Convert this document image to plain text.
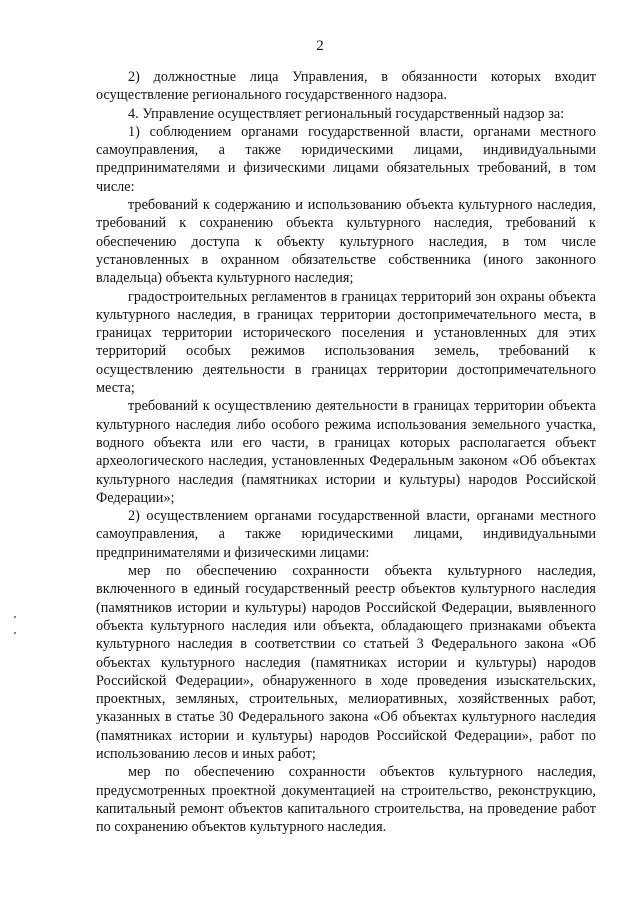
2

2) должностные лица Управления, в обязанности которых входит осуществление регионального государственного надзора.

4. Управление осуществляет региональный государственный надзор за:

1) соблюдением органами государственной власти, органами местного самоуправления, а также юридическими лицами, индивидуальными предпринимателями и физическими лицами обязательных требований, в том числе:

требований к содержанию и использованию объекта культурного наследия, требований к сохранению объекта культурного наследия, требований к обеспечению доступа к объекту культурного наследия, в том числе установленных в охранном обязательстве собственника (иного законного владельца) объекта культурного наследия;

градостроительных регламентов в границах территорий зон охраны объекта культурного наследия, в границах территории достопримечательного места, в границах территории исторического поселения и установленных для этих территорий особых режимов использования земель, требований к осуществлению деятельности в границах территории достопримечательного места;

требований к осуществлению деятельности в границах территории объекта культурного наследия либо особого режима использования земельного участка, водного объекта или его части, в границах которых располагается объект археологического наследия, установленных Федеральным законом «Об объектах культурного наследия (памятниках истории и культуры) народов Российской Федерации»;

2) осуществлением органами государственной власти, органами местного самоуправления, а также юридическими лицами, индивидуальными предпринимателями и физическими лицами:

мер по обеспечению сохранности объекта культурного наследия, включенного в единый государственный реестр объектов культурного наследия (памятников истории и культуры) народов Российской Федерации, выявленного объекта культурного наследия или объекта, обладающего признаками объекта культурного наследия в соответствии со статьей 3 Федерального закона «Об объектах культурного наследия (памятниках истории и культуры) народов Российской Федерации», обнаруженного в ходе проведения изыскательских, проектных, земляных, строительных, мелиоративных, хозяйственных работ, указанных в статье 30 Федерального закона «Об объектах культурного наследия (памятниках истории и культуры) народов Российской Федерации», работ по использованию лесов и иных работ;

мер по обеспечению сохранности объектов культурного наследия, предусмотренных проектной документацией на строительство, реконструкцию, капитальный ремонт объектов капитального строительства, на проведение работ по сохранению объектов культурного наследия.
